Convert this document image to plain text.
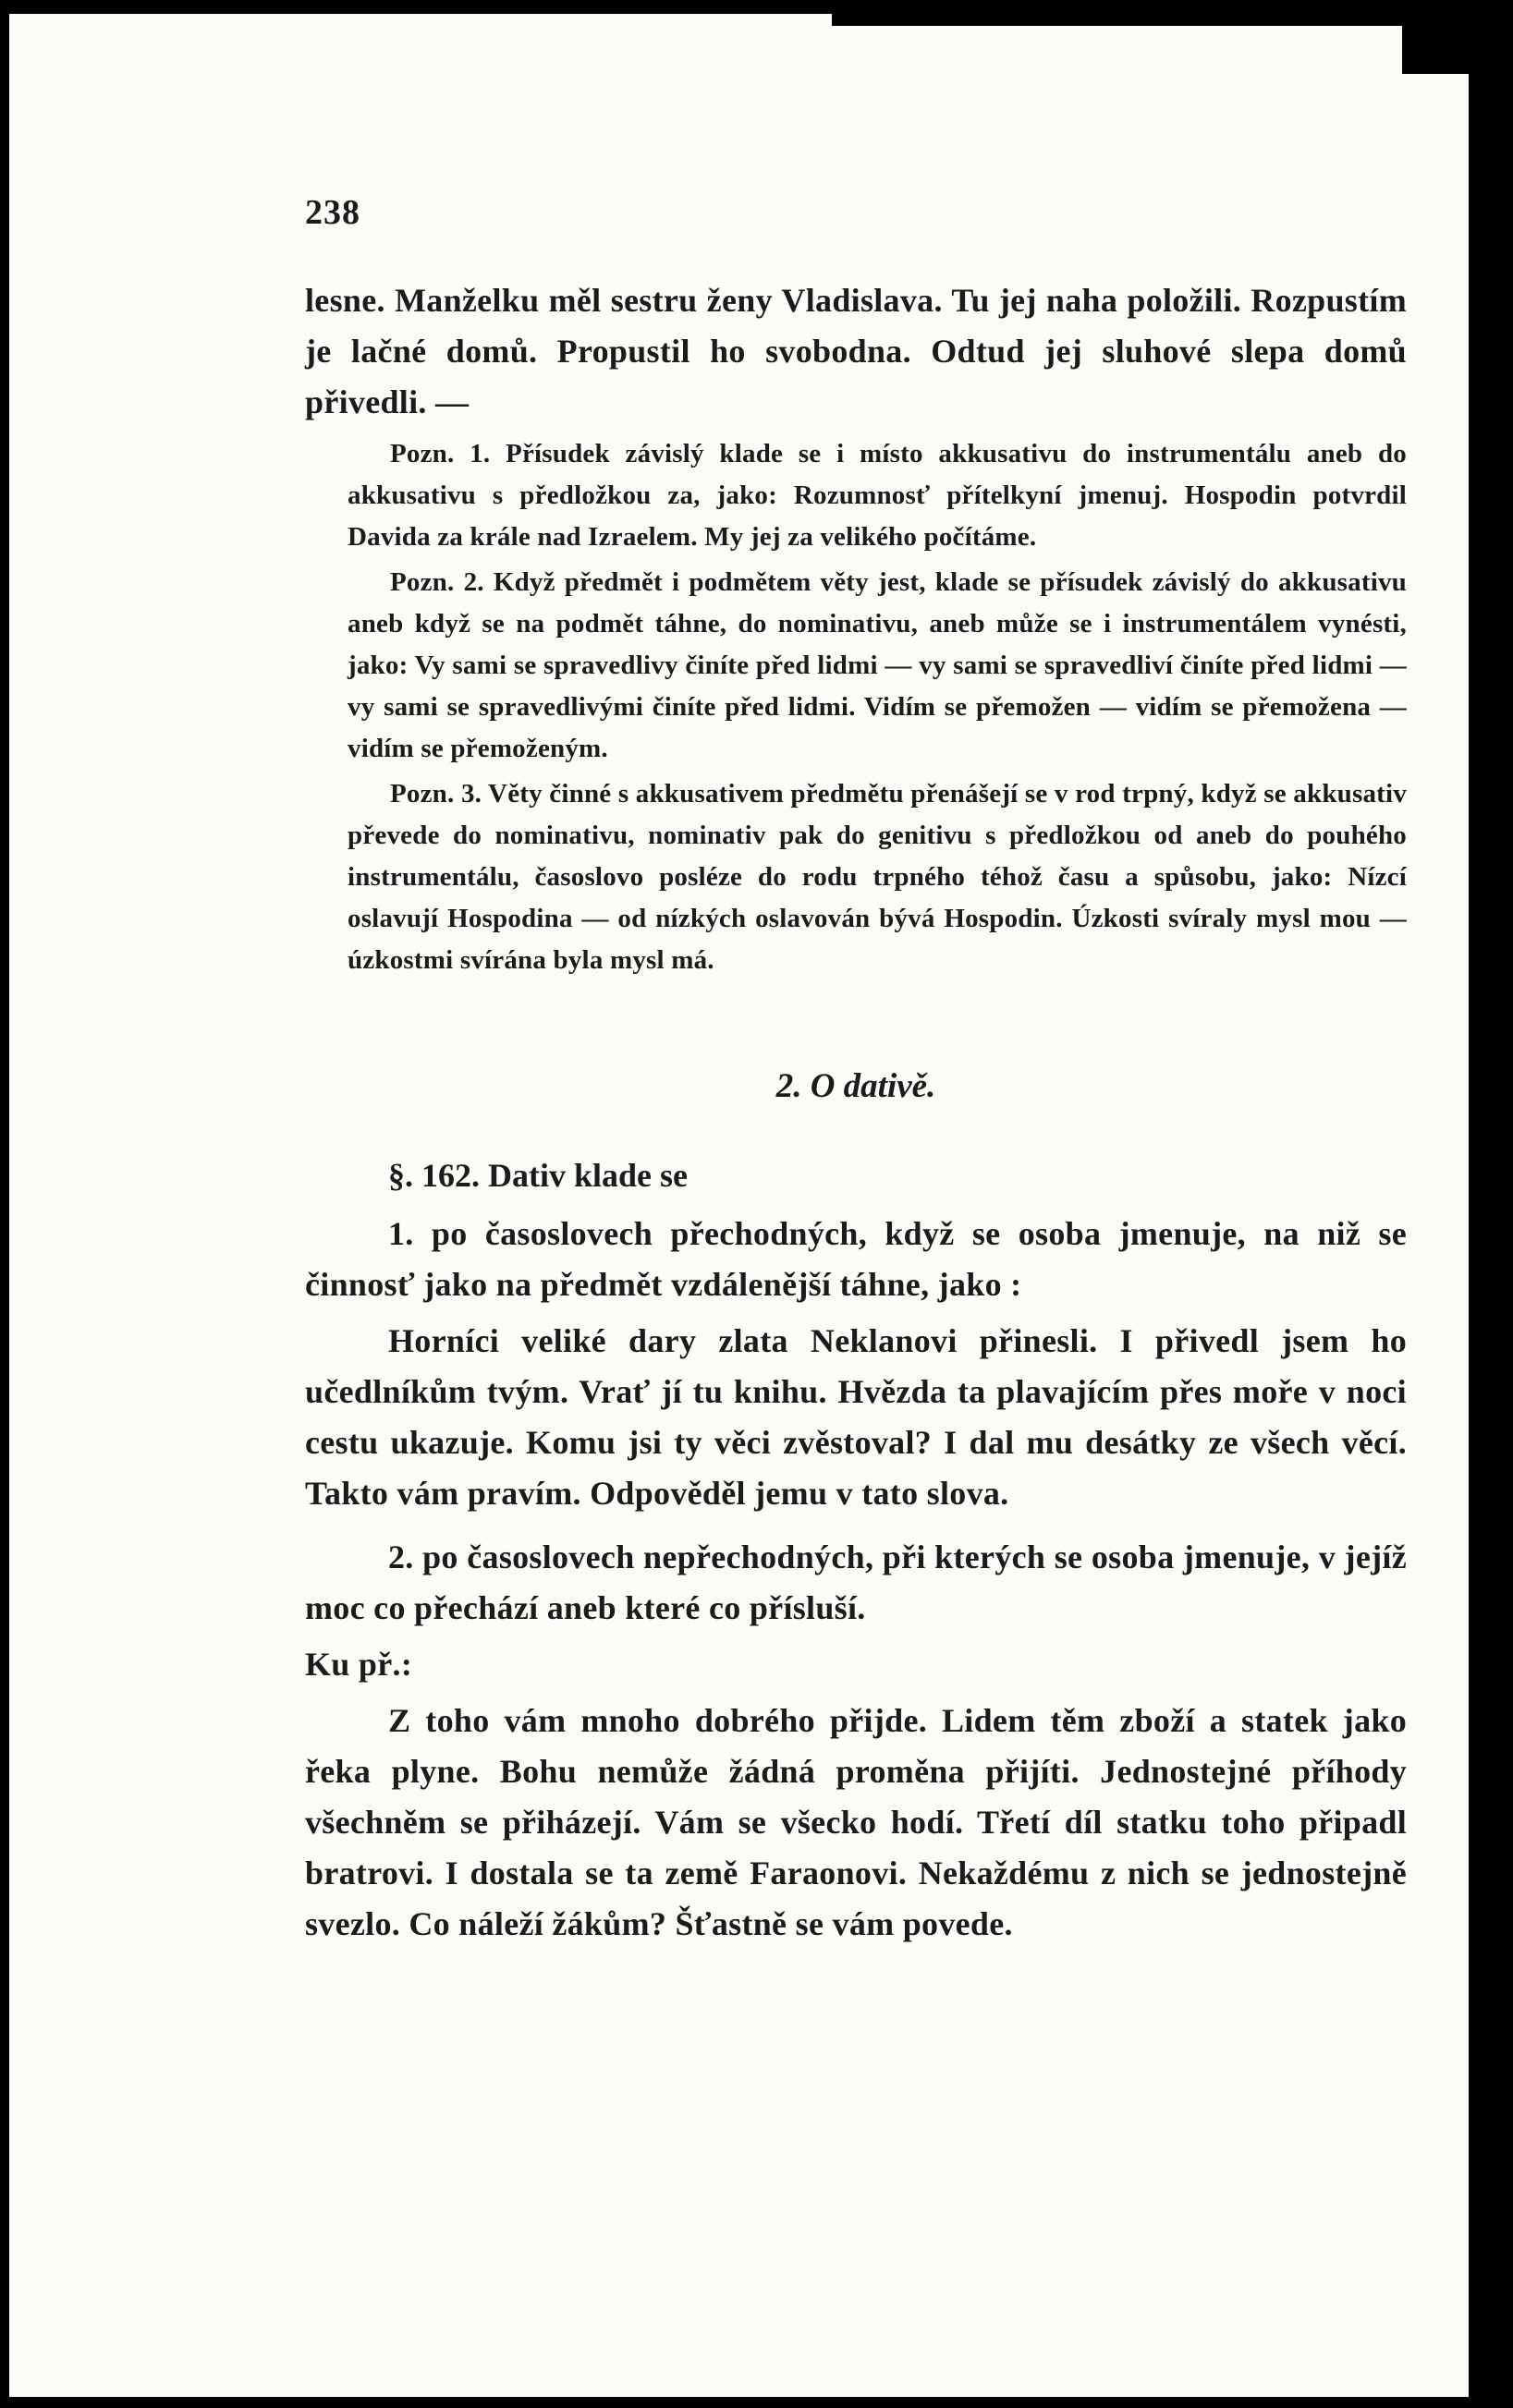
238

lesne. Manželku měl sestru ženy Vladislava. Tu jej naha položili. Rozpustím je lačné domů. Propustil ho svobodna. Odtud jej sluhové slepa domů přivedli. —

Pozn. 1. Přísudek závislý klade se i místo akkusativu do instrumentálu aneb do akkusativu s předložkou za, jako: Rozumnosť přítelkyní jmenuj. Hospodin potvrdil Davida za krále nad Izraelem. My jej za velikého počítáme.

Pozn. 2. Když předmět i podmětem věty jest, klade se přísudek závislý do akkusativu aneb když se na podmět táhne, do nominativu, aneb může se i instrumentálem vynésti, jako: Vy sami se spravedlivy činíte před lidmi — vy sami se spravedliví činíte před lidmi — vy sami se spravedlivými činíte před lidmi. Vidím se přemožen — vidím se přemožena — vidím se přemoženým.

Pozn. 3. Věty činné s akkusativem předmětu přenášejí se v rod trpný, když se akkusativ převede do nominativu, nominativ pak do genitivu s předložkou od aneb do pouhého instrumentálu, časoslovo posléze do rodu trpného téhož času a spůsobu, jako: Nízcí oslavují Hospodina — od nízkých oslavován bývá Hospodin. Úzkosti svíraly mysl mou — úzkostmi svírána byla mysl má.

2. O dativě.

§. 162. Dativ klade se

1. po časoslovech přechodných, když se osoba jmenuje, na niž se činnosť jako na předmět vzdálenější táhne, jako :

Horníci veliké dary zlata Neklanovi přinesli. I přivedl jsem ho učedlníkům tvým. Vrať jí tu knihu. Hvězda ta plavajícím přes moře v noci cestu ukazuje. Komu jsi ty věci zvěstoval? I dal mu desátky ze všech věcí. Takto vám pravím. Odpověděl jemu v tato slova.

2. po časoslovech nepřechodných, při kterých se osoba jmenuje, v jejíž moc co přechází aneb které co přísluší.

Ku př.:

Z toho vám mnoho dobrého přijde. Lidem těm zboží a statek jako řeka plyne. Bohu nemůže žádná proměna přijíti. Jednostejné příhody všechněm se přiházejí. Vám se všecko hodí. Třetí díl statku toho připadl bratrovi. I dostala se ta země Faraonovi. Nekaždému z nich se jednostejně svezlo. Co náleží žákům? Šťastně se vám povede.
